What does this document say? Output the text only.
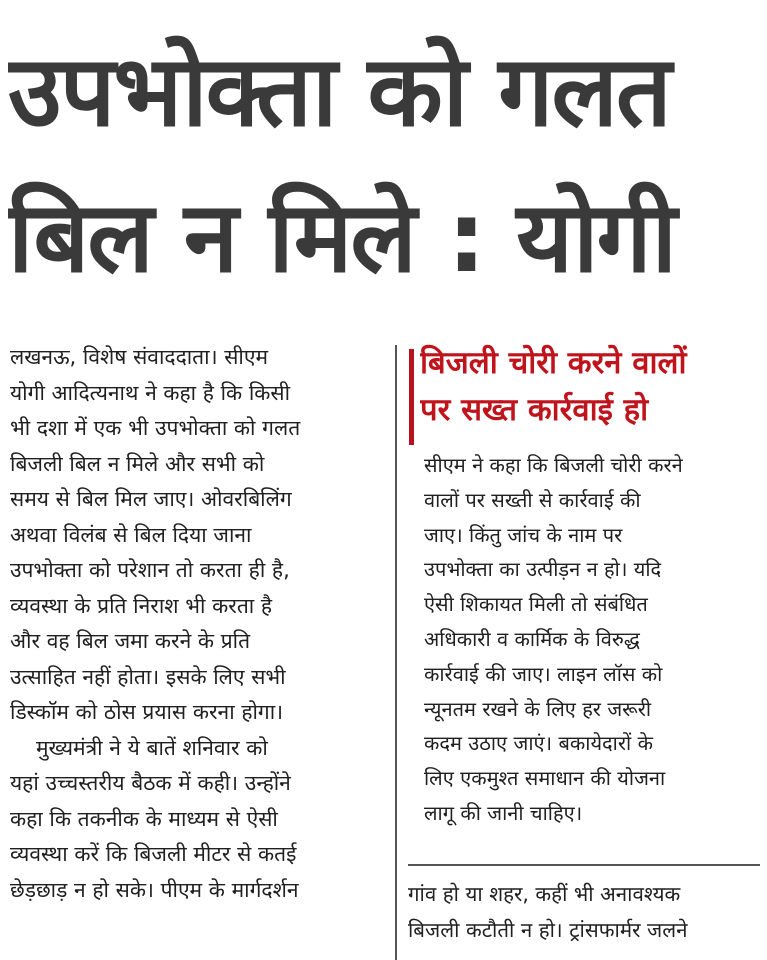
उपभोक्ता को गलत
बिल न मिले : योगी
लखनऊ, विशेष संवाददाता। सीएम
योगी आदित्यनाथ ने कहा है कि किसी
भी दशा में एक भी उपभोक्ता को गलत
बिजली बिल न मिले और सभी को
समय से बिल मिल जाए। ओवरबिलिंग
अथवा विलंब से बिल दिया जाना
उपभोक्ता को परेशान तो करता ही है,
व्यवस्था के प्रति निराश भी करता है
और वह बिल जमा करने के प्रति
उत्साहित नहीं होता। इसके लिए सभी
डिस्कॉम को ठोस प्रयास करना होगा।
मुख्यमंत्री ने ये बातें शनिवार को
यहां उच्चस्तरीय बैठक में कही। उन्होंने
कहा कि तकनीक के माध्यम से ऐसी
व्यवस्था करें कि बिजली मीटर से कतई
छेड़छाड़ न हो सके। पीएम के मार्गदर्शन
बिजली चोरी करने वालों
पर सख्त कार्रवाई हो
सीएम ने कहा कि बिजली चोरी करने
वालों पर सख्ती से कार्रवाई की
जाए। किंतु जांच के नाम पर
उपभोक्ता का उत्पीड़न न हो। यदि
ऐसी शिकायत मिली तो संबंधित
अधिकारी व कार्मिक के विरुद्ध
कार्रवाई की जाए। लाइन लॉस को
न्यूनतम रखने के लिए हर जरूरी
कदम उठाए जाएं। बकायेदारों के
लिए एकमुश्त समाधान की योजना
लागू की जानी चाहिए।
गांव हो या शहर, कहीं भी अनावश्यक
बिजली कटौती न हो। ट्रांसफार्मर जलने
